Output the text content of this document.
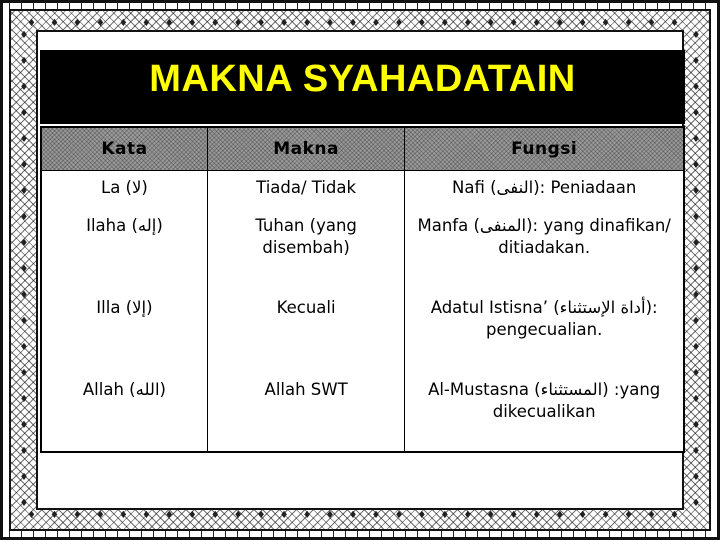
♦♦♦♦♦♦♦♦♦♦♦♦♦♦♦♦♦♦♦♦♦♦♦♦♦♦♦♦♦
♦♦♦♦♦♦♦♦♦♦♦♦♦♦♦♦♦♦♦♦♦♦♦♦♦♦♦♦♦
♦
♦
♦
♦
♦
♦
♦
♦
♦
♦
♦
♦
♦
♦
♦
♦
♦
♦
♦
♦
♦
♦
♦
♦
♦
♦
♦
♦
♦
♦
♦
♦
♦
♦
♦
♦
♦
♦
MAKNA SYAHADATAIN
Kata	Makna	Fungsi
La (لا)	Tiada/ Tidak	Nafi (النفى): Peniadaan
Ilaha (إله)	Tuhan (yang disembah)	Manfa (المنفى): yang dinafikan/ ditiadakan.
Illa (إلا)	Kecuali	Adatul Istisna’ (أداة الإستثناء): pengecualian.
Allah (الله)	Allah SWT	Al-Mustasna (المستثناء) :yang dikecualikan
